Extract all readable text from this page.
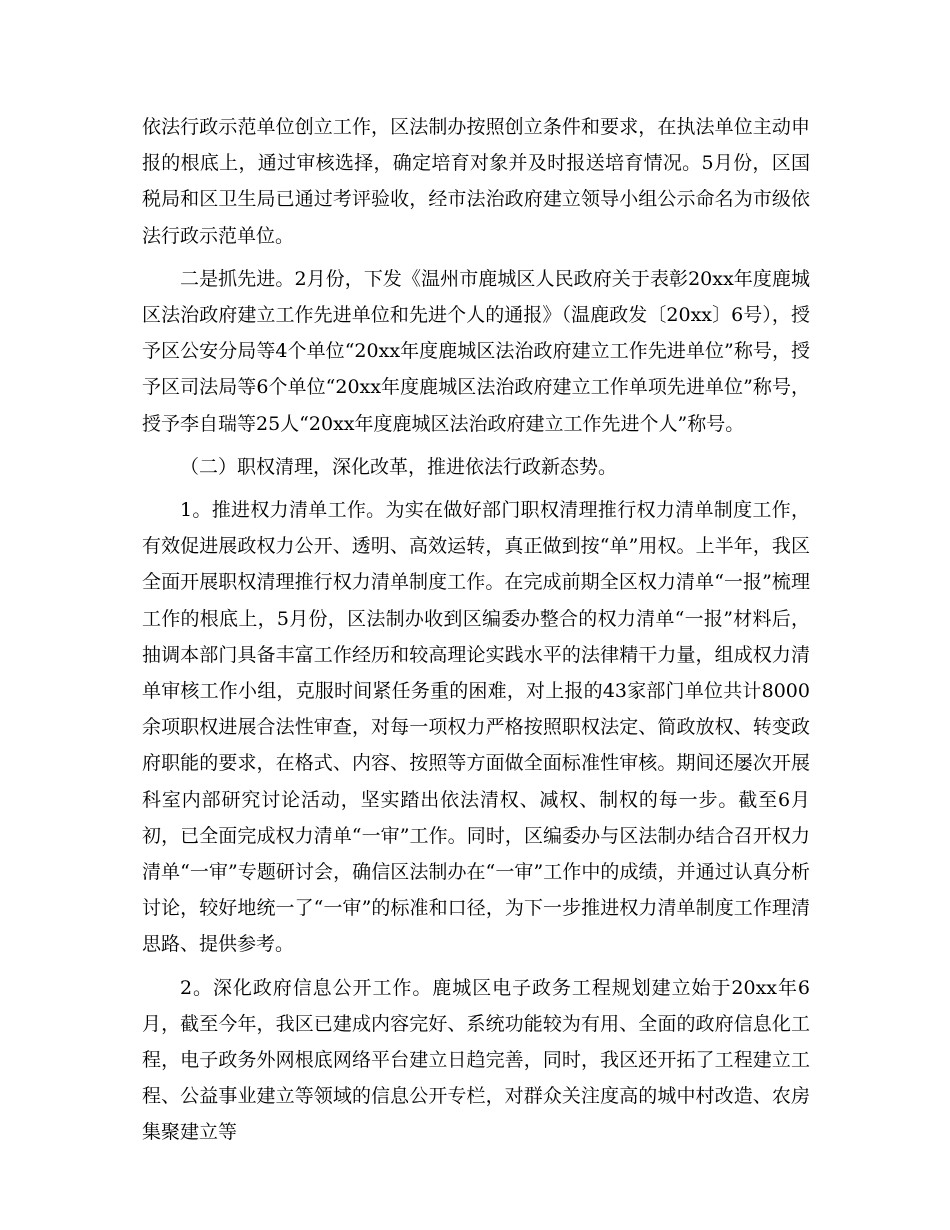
依法行政示范单位创立工作，区法制办按照创立条件和要求，在执法单位主动申报的根底上，通过审核选择，确定培育对象并及时报送培育情况。5月份，区国税局和区卫生局已通过考评验收，经市法治政府建立领导小组公示命名为市级依法行政示范单位。

二是抓先进。2月份，下发《温州市鹿城区人民政府关于表彰20xx年度鹿城区法治政府建立工作先进单位和先进个人的通报》（温鹿政发〔20xx〕6号），授予区公安分局等4个单位“20xx年度鹿城区法治政府建立工作先进单位”称号，授予区司法局等6个单位“20xx年度鹿城区法治政府建立工作单项先进单位”称号，授予李自瑞等25人“20xx年度鹿城区法治政府建立工作先进个人”称号。

（二）职权清理，深化改革，推进依法行政新态势。

1。推进权力清单工作。为实在做好部门职权清理推行权力清单制度工作，有效促进展政权力公开、透明、高效运转，真正做到按“单”用权。上半年，我区全面开展职权清理推行权力清单制度工作。在完成前期全区权力清单“一报”梳理工作的根底上，5月份，区法制办收到区编委办整合的权力清单“一报”材料后，抽调本部门具备丰富工作经历和较高理论实践水平的法律精干力量，组成权力清单审核工作小组，克服时间紧任务重的困难，对上报的43家部门单位共计8000余项职权进展合法性审查，对每一项权力严格按照职权法定、简政放权、转变政府职能的要求，在格式、内容、按照等方面做全面标准性审核。期间还屡次开展科室内部研究讨论活动，坚实踏出依法清权、减权、制权的每一步。截至6月初，已全面完成权力清单“一审”工作。同时，区编委办与区法制办结合召开权力清单“一审”专题研讨会，确信区法制办在“一审”工作中的成绩，并通过认真分析讨论，较好地统一了“一审”的标准和口径，为下一步推进权力清单制度工作理清思路、提供参考。

2。深化政府信息公开工作。鹿城区电子政务工程规划建立始于20xx年6月，截至今年，我区已建成内容完好、系统功能较为有用、全面的政府信息化工程，电子政务外网根底网络平台建立日趋完善，同时，我区还开拓了工程建立工程、公益事业建立等领域的信息公开专栏，对群众关注度高的城中村改造、农房集聚建立等
